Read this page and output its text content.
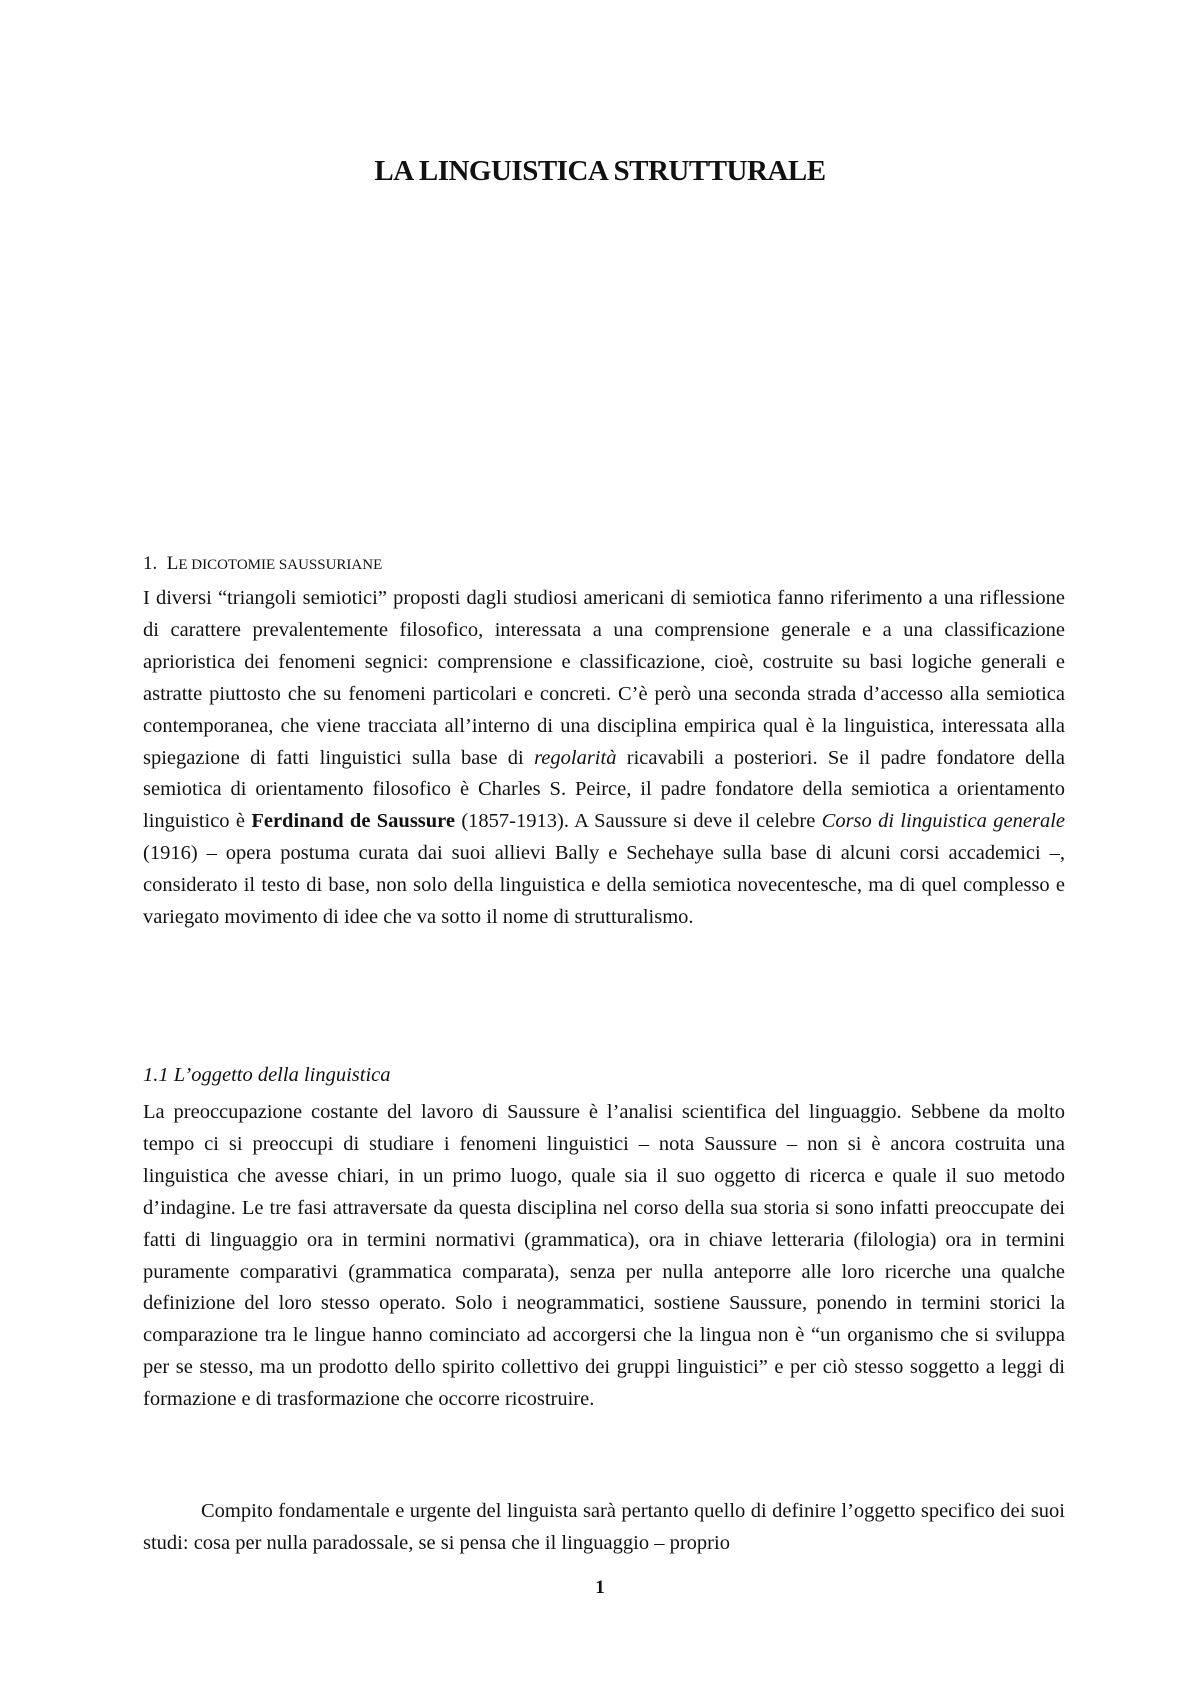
LA LINGUISTICA STRUTTURALE

1. LE DICOTOMIE SAUSSURIANE

I diversi “triangoli semiotici” proposti dagli studiosi americani di semiotica fanno riferimento a una riflessione di carattere prevalentemente filosofico, interessata a una comprensione generale e a una classificazione aprioristica dei fenomeni segnici: comprensione e classificazione, cioè, costruite su basi logiche generali e astratte piuttosto che su fenomeni particolari e concreti. C’è però una seconda strada d’accesso alla semiotica contemporanea, che viene tracciata all’interno di una disciplina empirica qual è la linguistica, interessata alla spiegazione di fatti linguistici sulla base di regolarità ricavabili a posteriori. Se il padre fondatore della semiotica di orientamento filosofico è Charles S. Peirce, il padre fondatore della semiotica a orientamento linguistico è Ferdinand de Saussure (1857-1913). A Saussure si deve il celebre Corso di linguistica generale (1916) – opera postuma curata dai suoi allievi Bally e Sechehaye sulla base di alcuni corsi accademici –, considerato il testo di base, non solo della linguistica e della semiotica novecentesche, ma di quel complesso e variegato movimento di idee che va sotto il nome di strutturalismo.

1.1 L’oggetto della linguistica

La preoccupazione costante del lavoro di Saussure è l’analisi scientifica del linguaggio. Sebbene da molto tempo ci si preoccupi di studiare i fenomeni linguistici – nota Saussure – non si è ancora costruita una linguistica che avesse chiari, in un primo luogo, quale sia il suo oggetto di ricerca e quale il suo metodo d’indagine. Le tre fasi attraversate da questa disciplina nel corso della sua storia si sono infatti preoccupate dei fatti di linguaggio ora in termini normativi (grammatica), ora in chiave letteraria (filologia) ora in termini puramente comparativi (grammatica comparata), senza per nulla anteporre alle loro ricerche una qualche definizione del loro stesso operato. Solo i neogrammatici, sostiene Saussure, ponendo in termini storici la comparazione tra le lingue hanno cominciato ad accorgersi che la lingua non è “un organismo che si sviluppa per se stesso, ma un prodotto dello spirito collettivo dei gruppi linguistici” e per ciò stesso soggetto a leggi di formazione e di trasformazione che occorre ricostruire.

Compito fondamentale e urgente del linguista sarà pertanto quello di definire l’oggetto specifico dei suoi studi: cosa per nulla paradossale, se si pensa che il linguaggio – proprio

1
